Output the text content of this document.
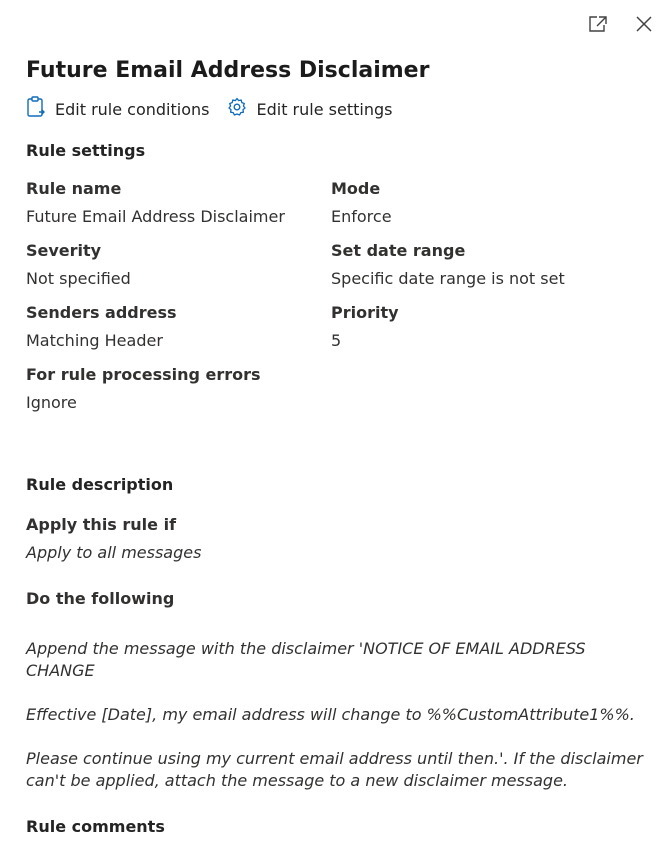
Future Email Address Disclaimer
Edit rule conditions	Edit rule settings
Rule settings
Rule name
Future Email Address Disclaimer
Mode
Enforce
Severity
Not specified
Set date range
Specific date range is not set
Senders address
Matching Header
Priority
5
For rule processing errors
Ignore
Rule description
Apply this rule if
Apply to all messages
Do the following
Append the message with the disclaimer 'NOTICE OF EMAIL ADDRESS CHANGE
Effective [Date], my email address will change to %%CustomAttribute1%%.
Please continue using my current email address until then.'. If the disclaimer can't be applied, attach the message to a new disclaimer message.
Rule comments
